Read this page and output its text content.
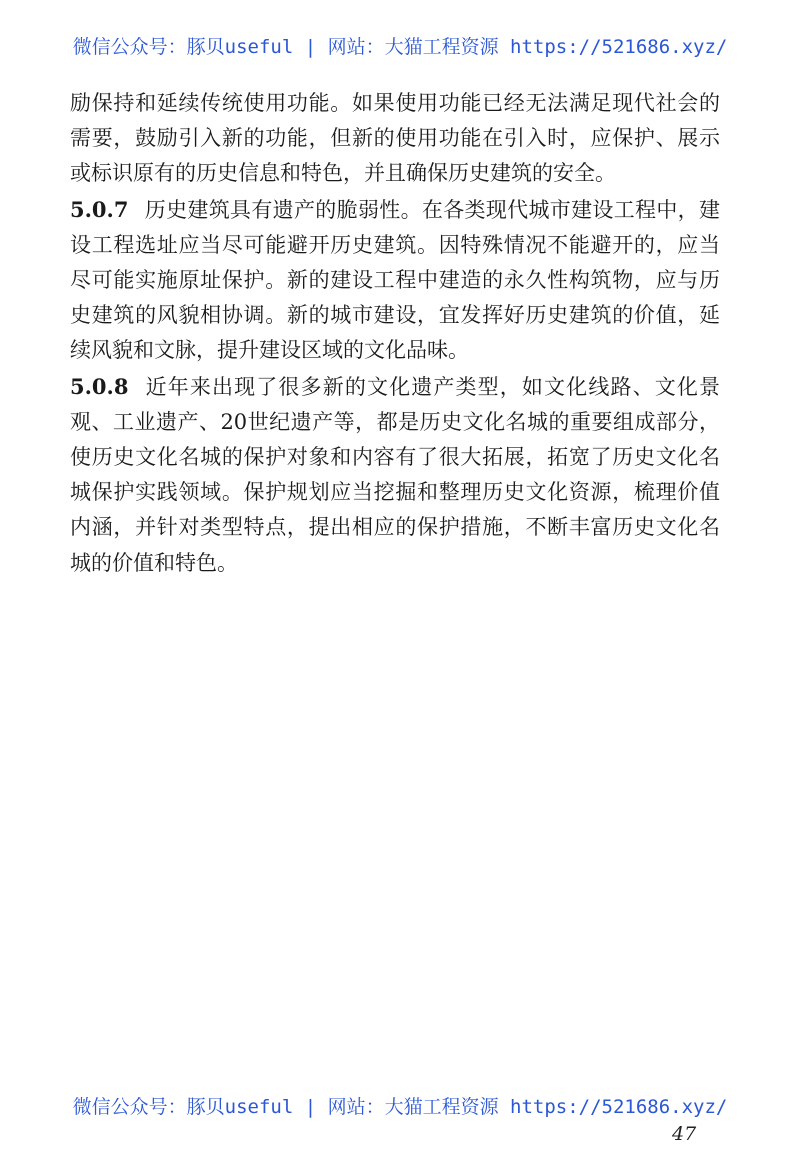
微信公众号：豚贝useful | 网站：大猫工程资源 https://521686.xyz/

励保持和延续传统使用功能。如果使用功能已经无法满足现代社会的需要，鼓励引入新的功能，但新的使用功能在引入时，应保护、展示或标识原有的历史信息和特色，并且确保历史建筑的安全。

5.0.7 历史建筑具有遗产的脆弱性。在各类现代城市建设工程中，建设工程选址应当尽可能避开历史建筑。因特殊情况不能避开的，应当尽可能实施原址保护。新的建设工程中建造的永久性构筑物，应与历史建筑的风貌相协调。新的城市建设，宜发挥好历史建筑的价值，延续风貌和文脉，提升建设区域的文化品味。

5.0.8 近年来出现了很多新的文化遗产类型，如文化线路、文化景观、工业遗产、20世纪遗产等，都是历史文化名城的重要组成部分，使历史文化名城的保护对象和内容有了很大拓展，拓宽了历史文化名城保护实践领域。保护规划应当挖掘和整理历史文化资源，梳理价值内涵，并针对类型特点，提出相应的保护措施，不断丰富历史文化名城的价值和特色。

微信公众号：豚贝useful | 网站：大猫工程资源 https://521686.xyz/
47
